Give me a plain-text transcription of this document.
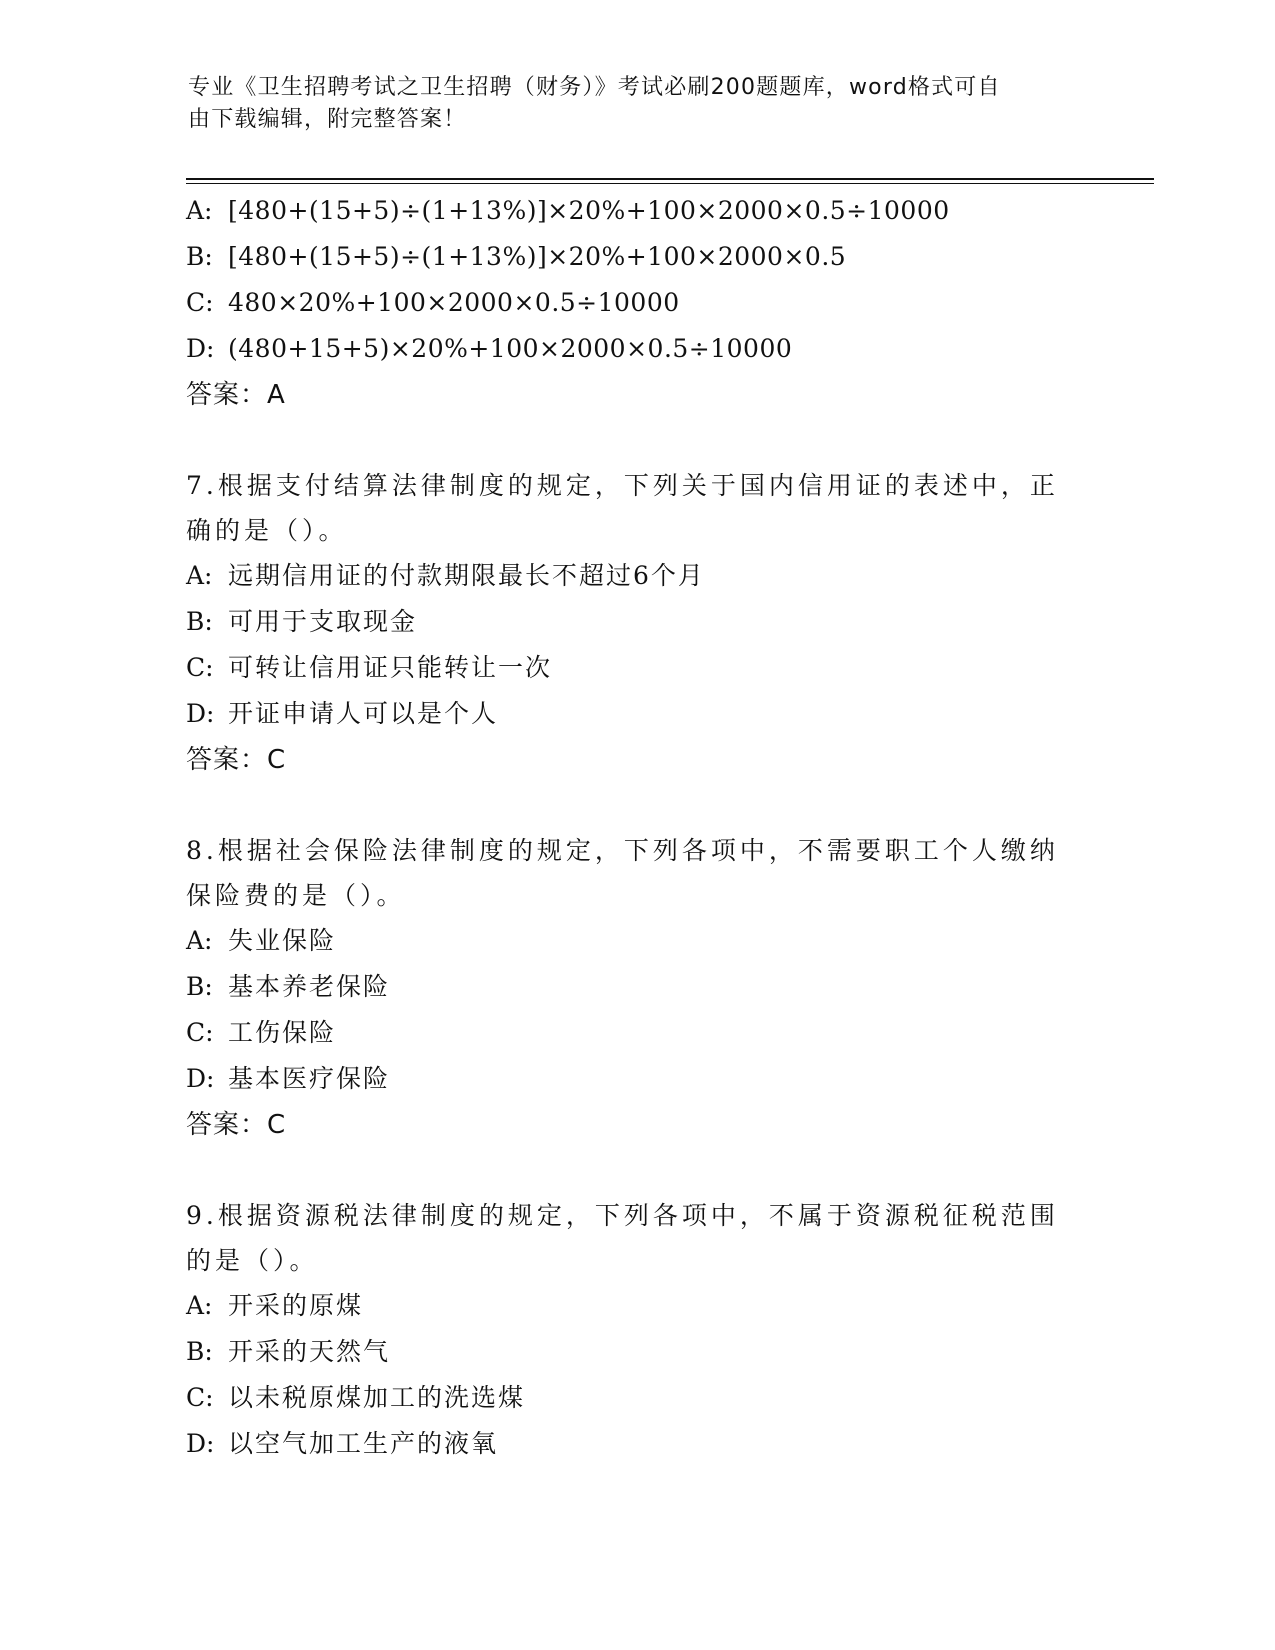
专业《卫生招聘考试之卫生招聘（财务）》考试必刷200题题库，word格式可自
由下载编辑，附完整答案！
A: [480+(15+5)÷(1+13%)]×20%+100×2000×0.5÷10000
B: [480+(15+5)÷(1+13%)]×20%+100×2000×0.5
C: 480×20%+100×2000×0.5÷10000
D: (480+15+5)×20%+100×2000×0.5÷10000
答案：A
7.根据支付结算法律制度的规定，下列关于国内信用证的表述中，正
确的是（）。
A: 远期信用证的付款期限最长不超过6个月
B: 可用于支取现金
C: 可转让信用证只能转让一次
D: 开证申请人可以是个人
答案：C
8.根据社会保险法律制度的规定，下列各项中，不需要职工个人缴纳
保险费的是（）。
A: 失业保险
B: 基本养老保险
C: 工伤保险
D: 基本医疗保险
答案：C
9.根据资源税法律制度的规定，下列各项中，不属于资源税征税范围
的是（）。
A: 开采的原煤
B: 开采的天然气
C: 以未税原煤加工的洗选煤
D: 以空气加工生产的液氧
